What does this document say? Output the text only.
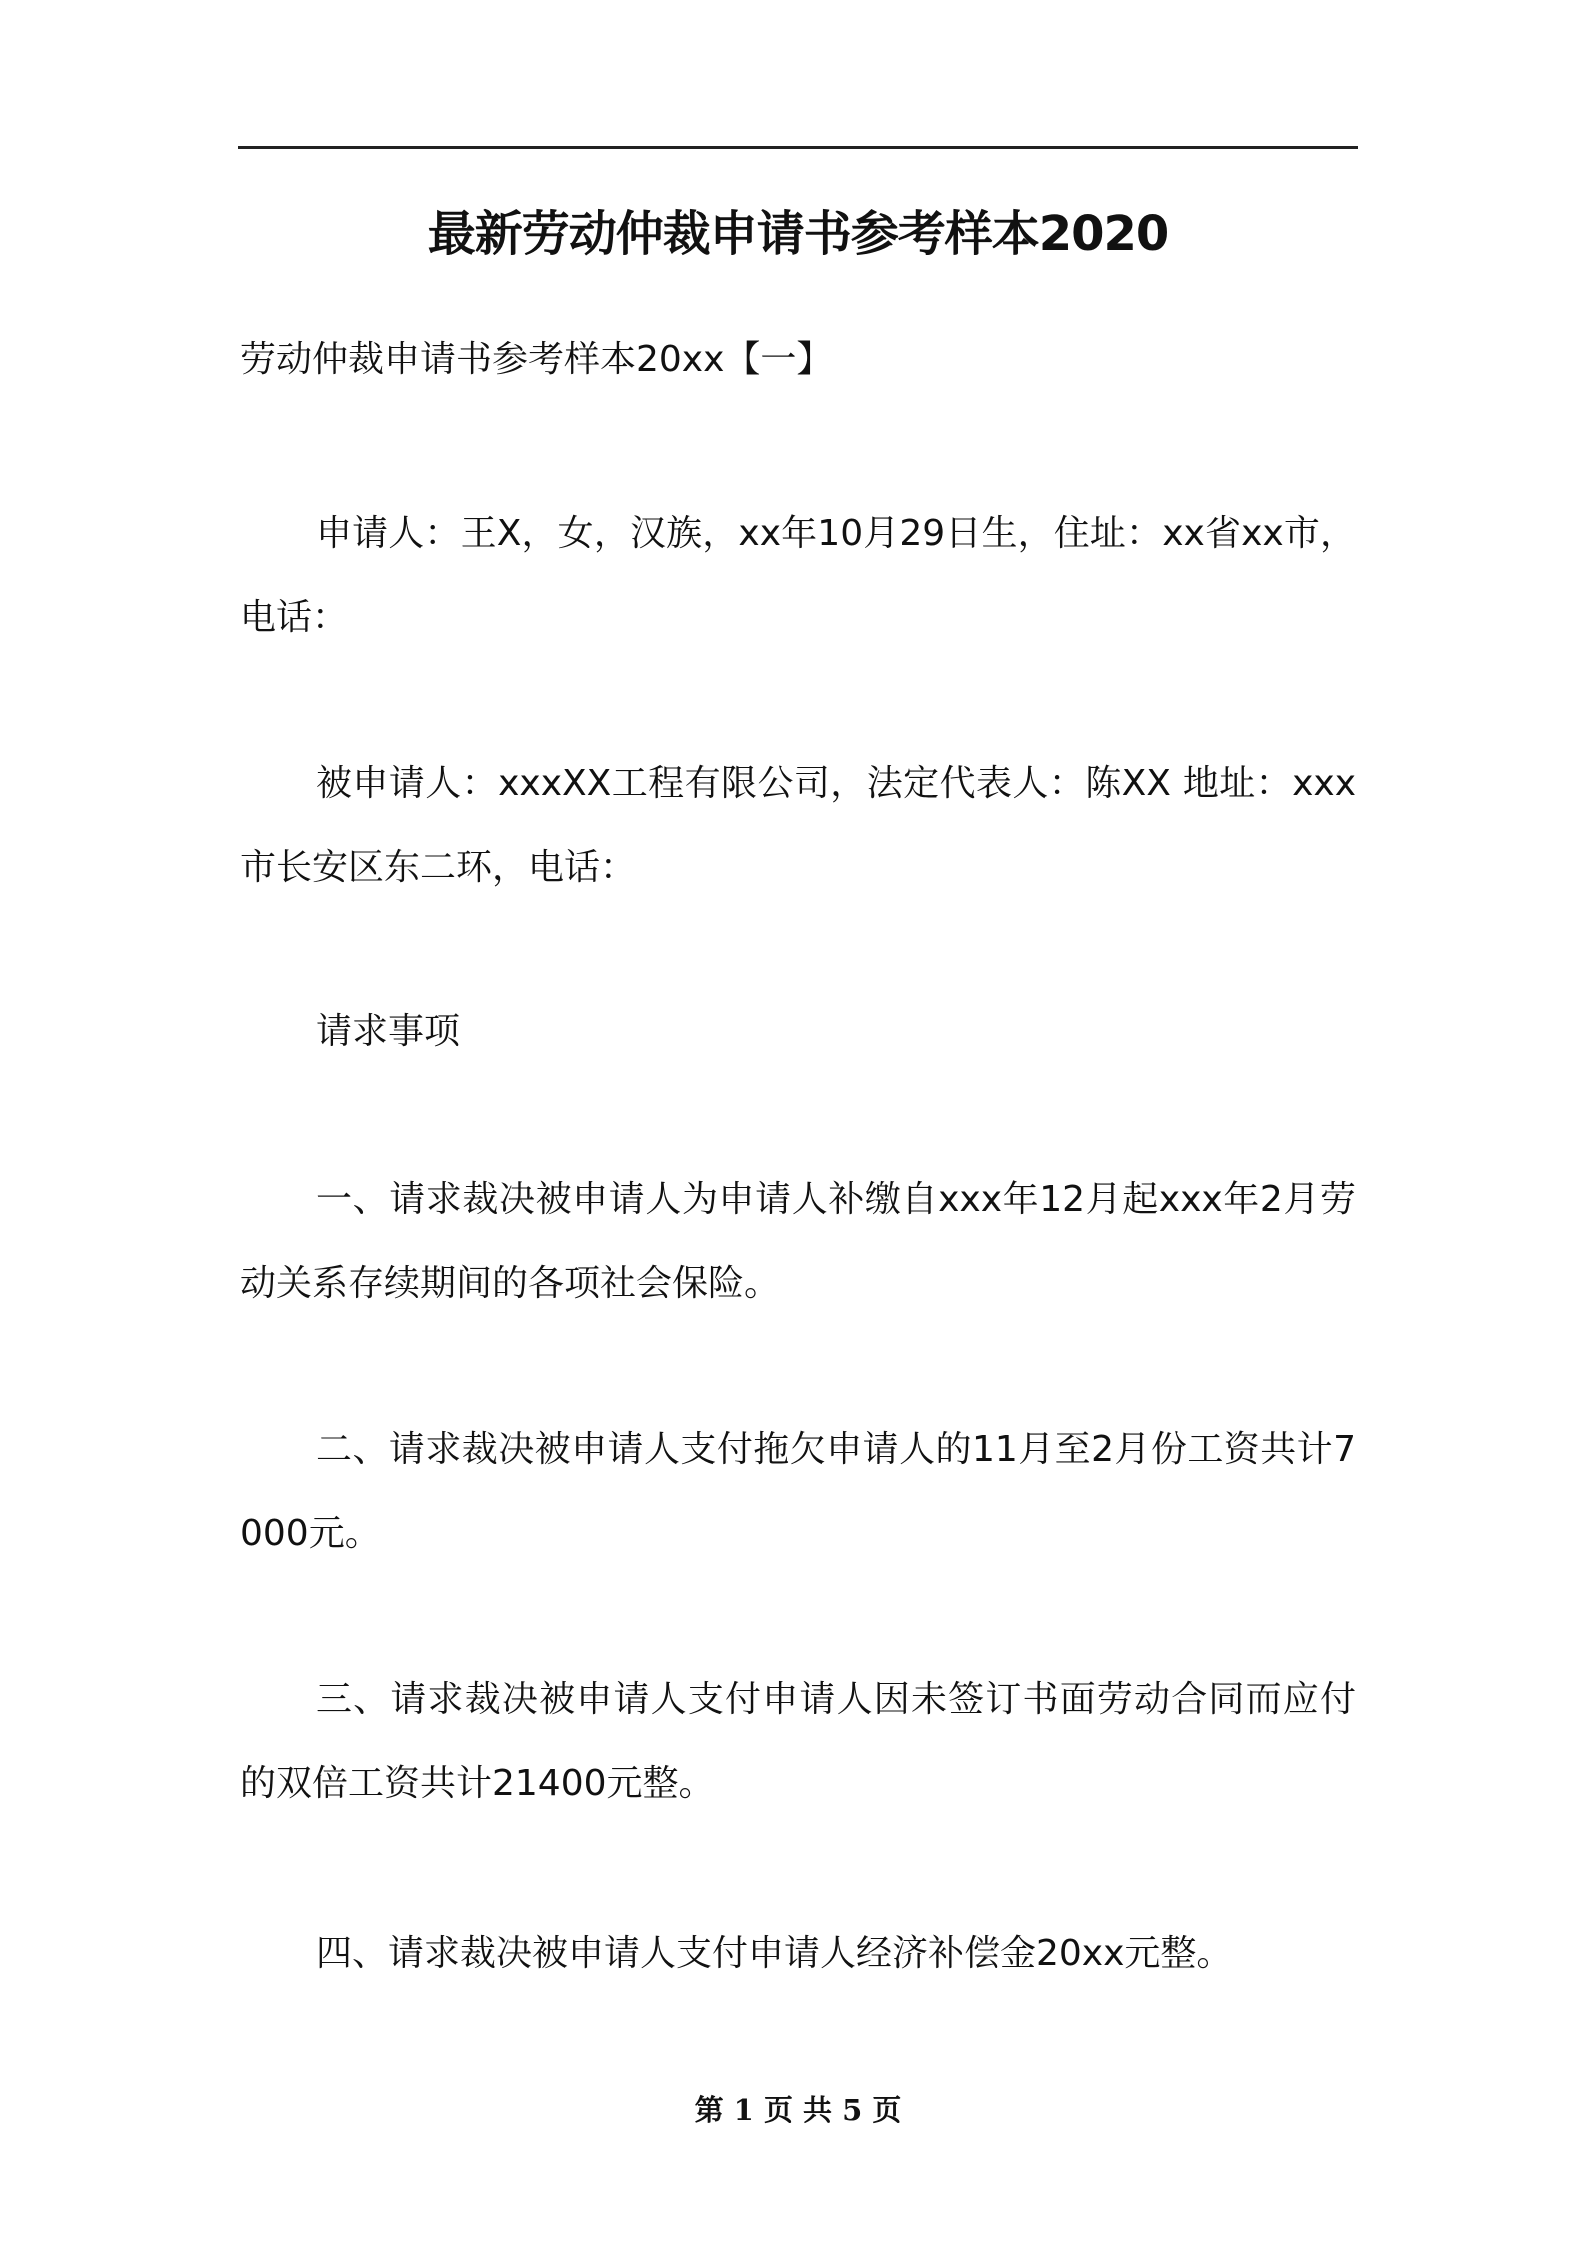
最新劳动仲裁申请书参考样本2020
劳动仲裁申请书参考样本20xx【一】
申请人：王X，女，汉族，xx年10月29日生，住址：xx省xx市，电话：
被申请人：xxxXX工程有限公司，法定代表人：陈XX 地址：xxx市长安区东二环，电话：
请求事项
一、请求裁决被申请人为申请人补缴自xxx年12月起xxx年2月劳动关系存续期间的各项社会保险。
二、请求裁决被申请人支付拖欠申请人的11月至2月份工资共计7000元。
三、请求裁决被申请人支付申请人因未签订书面劳动合同而应付的双倍工资共计21400元整。
四、请求裁决被申请人支付申请人经济补偿金20xx元整。
第 1 页 共 5 页
